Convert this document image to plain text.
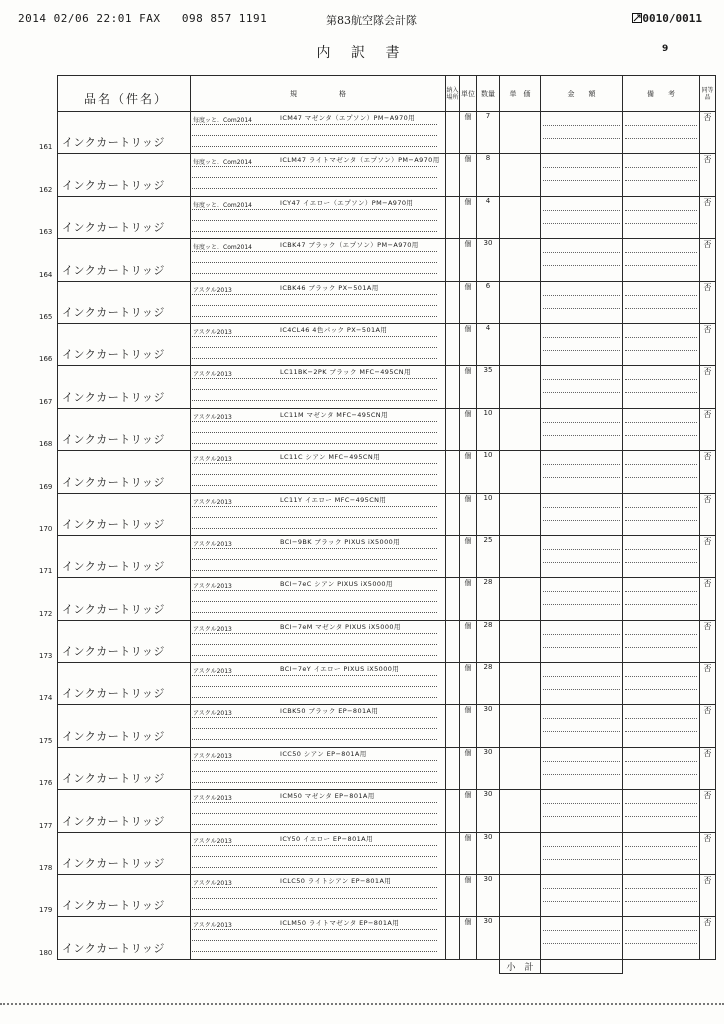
2014 02/06 22:01 FAX 098 857 1191	第83航空隊会計隊	0010/0011
内 訳 書	9
品名（件名）	規　　　　　　格	納入場所	単位	数量	単　価	金　　額	備　　考	同等品

161 インクカートリッジ	每度ッと．Com2014 ICM47 マゼンタ（エプソン）PM−A970用		個	7				否

162 インクカートリッジ	每度ッと．Com2014 ICLM47 ライトマゼンタ（エプソン）PM−A970用		個	8				否

163 インクカートリッジ	每度ッと．Com2014 ICY47 イエロー（エプソン）PM−A970用		個	4				否

164 インクカートリッジ	每度ッと．Com2014 ICBK47 ブラック（エプソン）PM−A970用		個	30				否

165 インクカートリッジ	アスクル2013 ICBK46 ブラック PX−501A用		個	6				否

166 インクカートリッジ	アスクル2013 IC4CL46 4色パック PX−501A用		個	4				否

167 インクカートリッジ	アスクル2013 LC11BK−2PK ブラック MFC−495CN用		個	35				否

168 インクカートリッジ	アスクル2013 LC11M マゼンタ MFC−495CN用		個	10				否

169 インクカートリッジ	アスクル2013 LC11C シアン MFC−495CN用		個	10				否

170 インクカートリッジ	アスクル2013 LC11Y イエロー MFC−495CN用		個	10				否

171 インクカートリッジ	アスクル2013 BCI−9BK ブラック PIXUS iX5000用		個	25				否

172 インクカートリッジ	アスクル2013 BCI−7eC シアン PIXUS iX5000用		個	28				否

173 インクカートリッジ	アスクル2013 BCI−7eM マゼンタ PIXUS iX5000用		個	28				否

174 インクカートリッジ	アスクル2013 BCI−7eY イエロー PIXUS iX5000用		個	28				否

175 インクカートリッジ	アスクル2013 ICBK50 ブラック EP−801A用		個	30				否

176 インクカートリッジ	アスクル2013 ICC50 シアン EP−801A用		個	30				否

177 インクカートリッジ	アスクル2013 ICM50 マゼンタ EP−801A用		個	30				否

178 インクカートリッジ	アスクル2013 ICY50 イエロー EP−801A用		個	30				否

179 インクカートリッジ	アスクル2013 ICLC50 ライトシアン EP−801A用		個	30				否

180 インクカートリッジ	アスクル2013 ICLM50 ライトマゼンタ EP−801A用		個	30				否
					小　計			
